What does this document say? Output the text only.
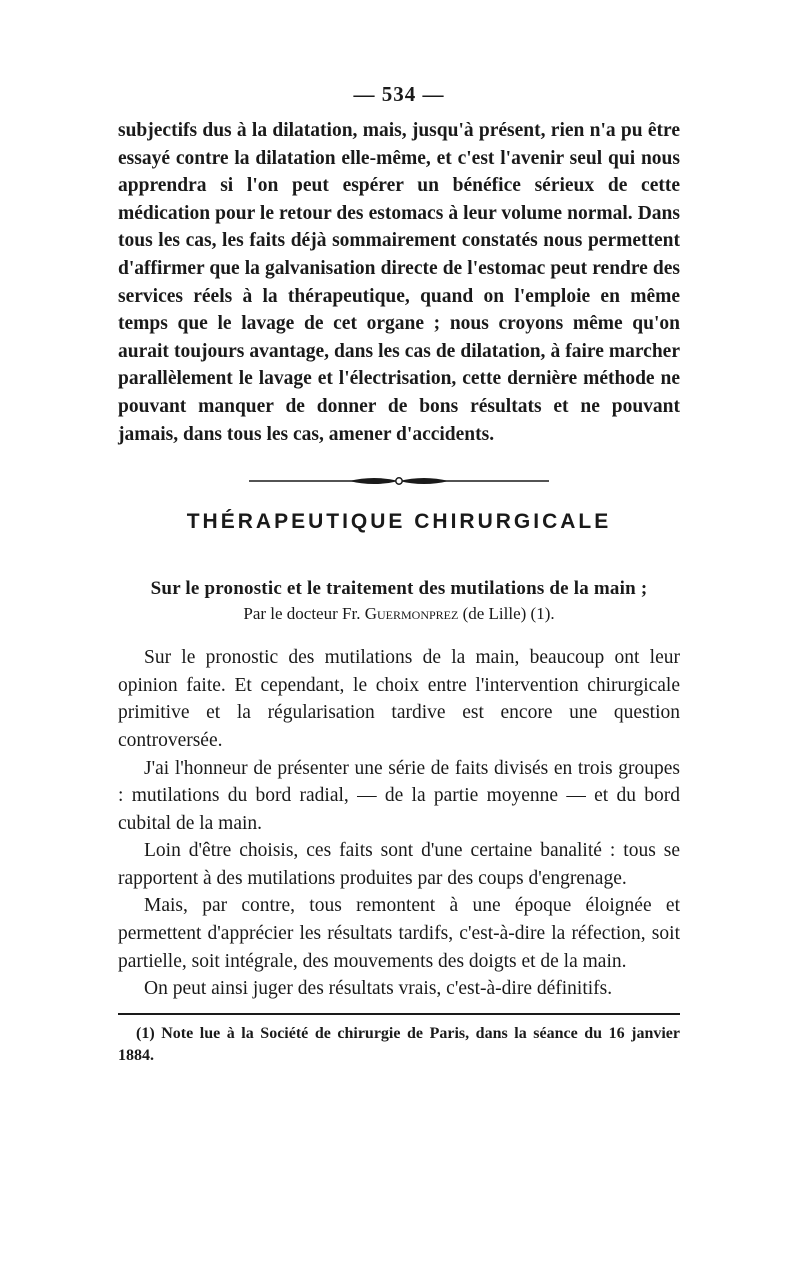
— 534 —

subjectifs dus à la dilatation, mais, jusqu'à présent, rien n'a pu être essayé contre la dilatation elle-même, et c'est l'avenir seul qui nous apprendra si l'on peut espérer un bénéfice sérieux de cette médication pour le retour des estomacs à leur volume normal. Dans tous les cas, les faits déjà sommairement constatés nous permettent d'affirmer que la galvanisation directe de l'estomac peut rendre des services réels à la thérapeutique, quand on l'emploie en même temps que le lavage de cet organe ; nous croyons même qu'on aurait toujours avantage, dans les cas de dilatation, à faire marcher parallèlement le lavage et l'électrisation, cette dernière méthode ne pouvant manquer de donner de bons résultats et ne pouvant jamais, dans tous les cas, amener d'accidents.

THÉRAPEUTIQUE CHIRURGICALE
Sur le pronostic et le traitement des mutilations de la main ;
Par le docteur Fr. Guermonprez (de Lille) (1).

Sur le pronostic des mutilations de la main, beaucoup ont leur opinion faite. Et cependant, le choix entre l'intervention chirurgicale primitive et la régularisation tardive est encore une question controversée.

J'ai l'honneur de présenter une série de faits divisés en trois groupes : mutilations du bord radial, — de la partie moyenne — et du bord cubital de la main.

Loin d'être choisis, ces faits sont d'une certaine banalité : tous se rapportent à des mutilations produites par des coups d'engrenage.

Mais, par contre, tous remontent à une époque éloignée et permettent d'apprécier les résultats tardifs, c'est-à-dire la réfection, soit partielle, soit intégrale, des mouvements des doigts et de la main.

On peut ainsi juger des résultats vrais, c'est-à-dire définitifs.

(1) Note lue à la Société de chirurgie de Paris, dans la séance du 16 janvier 1884.
